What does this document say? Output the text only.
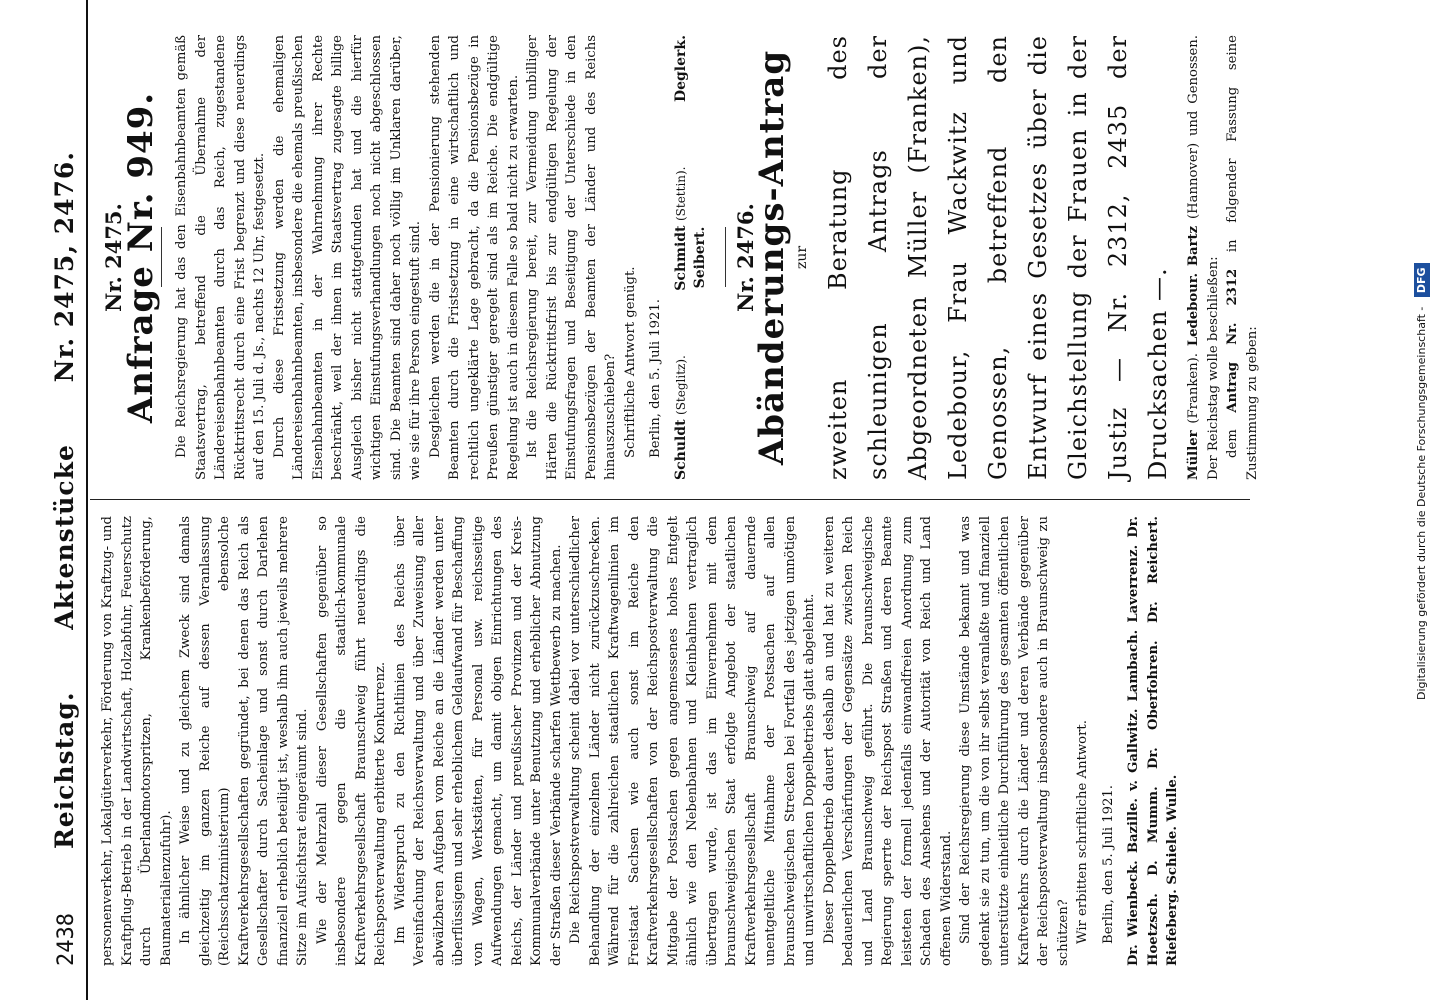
2438
Reichstag. Aktenstücke Nr. 2475, 2476.

personenverkehr, Lokalgüterverkehr, Förderung von Kraftzug- und Kraftpflug-Betrieb in der Landwirtschaft, Holzabfuhr, Feuerschutz durch Überlandmotorspritzen, Krankenbeförderung, Baumaterialienzufuhr). In ähnlicher Weise und zu gleichem Zweck sind damals gleichzeitig im ganzen Reiche auf dessen Veranlassung (Reichsschatzministerium) ebensolche Kraftverkehrsgesellschaften gegründet, bei denen das Reich als Gesellschafter durch Sacheinlage und sonst durch Darlehen finanziell erheblich beteiligt ist, weshalb ihm auch jeweils mehrere Sitze im Aufsichtsrat eingeräumt sind. Wie der Mehrzahl dieser Gesellschaften gegenüber so insbesondere gegen die staatlich-kommunale Kraftverkehrsgesellschaft Braunschweig führt neuerdings die Reichspostverwaltung erbitterte Konkurrenz. Im Widerspruch zu den Richtlinien des Reichs über Vereinfachung der Reichsverwaltung und über Zuweisung aller abwälzbaren Aufgaben vom Reiche an die Länder werden unter überflüssigem und sehr erheblichem Geldaufwand für Beschaffung von Wagen, Werkstätten, für Personal usw. reichsseitige Aufwendungen gemacht, um damit obigen Einrichtungen des Reichs, der Länder und preußischer Provinzen und der Kreis-Kommunalverbände unter Benutzung und erheblicher Abnutzung der Straßen dieser Verbände scharfen Wettbewerb zu machen. Die Reichspostverwaltung scheint dabei vor unterschiedlicher Behandlung der einzelnen Länder nicht zurückzuschrecken. Während für die zahlreichen staatlichen Kraftwagenlinien im Freistaat Sachsen wie auch sonst im Reiche den Kraftverkehrsgesellschaften von der Reichspostverwaltung die Mitgabe der Postsachen gegen angemessenes hohes Entgelt ähnlich wie den Nebenbahnen und Kleinbahnen vertraglich übertragen wurde, ist das im Einvernehmen mit dem braunschweigischen Staat erfolgte Angebot der staatlichen Kraftverkehrsgesellschaft Braunschweig auf dauernde unentgeltliche Mitnahme der Postsachen auf allen braunschweigischen Strecken bei Fortfall des jetzigen unnötigen und unwirtschaftlichen Doppelbetriebs glatt abgelehnt. Dieser Doppelbetrieb dauert deshalb an und hat zu weiteren bedauerlichen Verschärfungen der Gegensätze zwischen Reich und Land Braunschweig geführt. Die braunschweigische Regierung sperrte der Reichspost Straßen und deren Beamte leisteten der formell jedenfalls einwandfreien Anordnung zum Schaden des Ansehens und der Autorität von Reich und Land offenen Widerstand. Sind der Reichsregierung diese Umstände bekannt und was gedenkt sie zu tun, um die von ihr selbst veranlaßte und finanziell unterstützte einheitliche Durchführung des gesamten öffentlichen Kraftverkehrs durch die Länder und deren Verbände gegenüber der Reichspostverwaltung insbesondere auch in Braunschweig zu schützen? Wir erbitten schriftliche Antwort. Berlin, den 5. Juli 1921. Dr. Wienbeck. Bazille. v. Gallwitz. Lambach. Laverrenz. Dr. Hoetzsch. D. Mumm. Dr. Oberfohren. Dr. Reichert. Riefeberg. Schiele. Wulle.

Nr. 2475.
Anfrage Nr. 949. Die Reichsregierung hat das den Eisenbahnbeamten gemäß Staatsvertrag, betreffend die Übernahme der Ländereisenbahnbeamten durch das Reich, zugestandene Rücktrittsrecht durch eine Frist begrenzt und diese neuerdings auf den 15. Juli d. Js., nachts 12 Uhr, festgesetzt. Durch diese Fristsetzung werden die ehemaligen Ländereisenbahnbeamten, insbesondere die ehemals preußischen Eisenbahnbeamten in der Wahrnehmung ihrer Rechte beschränkt, weil der ihnen im Staatsvertrag zugesagte billige Ausgleich bisher nicht stattgefunden hat und die hierfür wichtigen Einstufungsverhandlungen noch nicht abgeschlossen sind. Die Beamten sind daher noch völlig im Unklaren darüber, wie sie für ihre Person eingestuft sind. Desgleichen werden die in der Pensionierung stehenden Beamten durch die Fristsetzung in eine wirtschaftlich und rechtlich ungeklärte Lage gebracht, da die Pensionsbezüge in Preußen günstiger geregelt sind als im Reiche. Die endgültige Regelung ist auch in diesem Falle so bald nicht zu erwarten. Ist die Reichsregierung bereit, zur Vermeidung unbilliger Härten die Rücktrittsfrist bis zur endgültigen Regelung der Einstufungsfragen und Beseitigung der Unterschiede in den Pensionsbezügen der Beamten der Länder und des Reichs hinauszuschieben? Schriftliche Antwort genügt. Berlin, den 5. Juli 1921. Schuldt (Steglitz).
Schmidt (Stettin).
Deglerk.
Seibert. Nr. 2476.
Abänderungs-Antrag zur zweiten Beratung des schleunigen Antrags der Abgeordneten Müller (Franken), Ledebour, Frau Wackwitz und Genossen, betreffend den Entwurf eines Gesetzes über die Gleichstellung der Frauen in der Justiz — Nr. 2312, 2435 der Drucksachen —.	Müller (Franken). Ledebour. Bartz (Hannover) und Genossen. Der Reichstag wolle beschließen: dem Antrag Nr. 2312 in folgender Fassung seine Zustimmung zu geben:	Digitalisierung gefördert durch die Deutsche Forschungsgemeinschaft - DFG
